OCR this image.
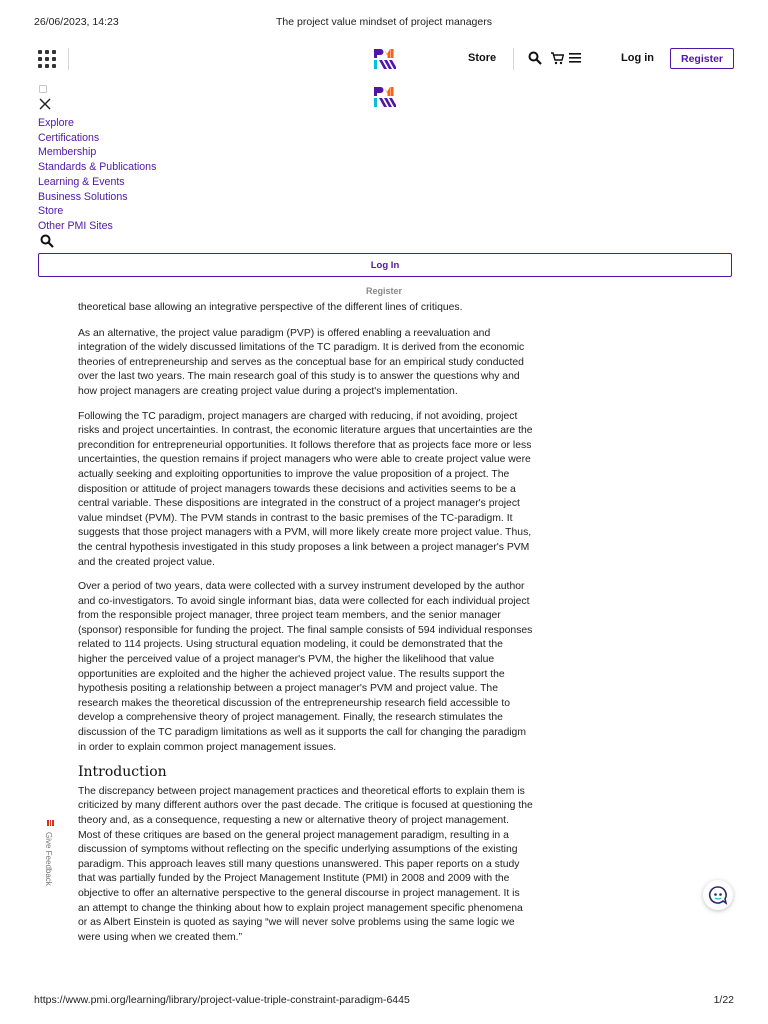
26/06/2023, 14:23	The project value mindset of project managers
Store	Log in	Register
Explore
Certifications
Membership
Standards & Publications
Learning & Events
Business Solutions
Store
Other PMI Sites
Log In
Register

theoretical base allowing an integrative perspective of the different lines of critiques.

As an alternative, the project value paradigm (PVP) is offered enabling a reevaluation and integration of the widely discussed limitations of the TC paradigm. It is derived from the economic theories of entrepreneurship and serves as the conceptual base for an empirical study conducted over the last two years. The main research goal of this study is to answer the questions why and how project managers are creating project value during a project's implementation.

Following the TC paradigm, project managers are charged with reducing, if not avoiding, project risks and project uncertainties. In contrast, the economic literature argues that uncertainties are the precondition for entrepreneurial opportunities. It follows therefore that as projects face more or less uncertainties, the question remains if project managers who were able to create project value were actually seeking and exploiting opportunities to improve the value proposition of a project. The disposition or attitude of project managers towards these decisions and activities seems to be a central variable. These dispositions are integrated in the construct of a project manager's project value mindset (PVM). The PVM stands in contrast to the basic premises of the TC-paradigm. It suggests that those project managers with a PVM, will more likely create more project value. Thus, the central hypothesis investigated in this study proposes a link between a project manager's PVM and the created project value.

Over a period of two years, data were collected with a survey instrument developed by the author and co-investigators. To avoid single informant bias, data were collected for each individual project from the responsible project manager, three project team members, and the senior manager (sponsor) responsible for funding the project. The final sample consists of 594 individual responses related to 114 projects. Using structural equation modeling, it could be demonstrated that the higher the perceived value of a project manager's PVM, the higher the likelihood that value opportunities are exploited and the higher the achieved project value. The results support the hypothesis positing a relationship between a project manager's PVM and project value. The research makes the theoretical discussion of the entrepreneurship research field accessible to develop a comprehensive theory of project management. Finally, the research stimulates the discussion of the TC paradigm limitations as well as it supports the call for changing the paradigm in order to explain common project management issues.

Introduction

The discrepancy between project management practices and theoretical efforts to explain them is criticized by many different authors over the past decade. The critique is focused at questioning the theory and, as a consequence, requesting a new or alternative theory of project management. Most of these critiques are based on the general project management paradigm, resulting in a discussion of symptoms without reflecting on the specific underlying assumptions of the existing paradigm. This approach leaves still many questions unanswered. This paper reports on a study that was partially funded by the Project Management Institute (PMI) in 2008 and 2009 with the objective to offer an alternative perspective to the general discourse in project management. It is an attempt to change the thinking about how to explain project management specific phenomena or as Albert Einstein is quoted as saying “we will never solve problems using the same logic we were using when we created them.”

Give Feedback
https://www.pmi.org/learning/library/project-value-triple-constraint-paradigm-6445	1/22
